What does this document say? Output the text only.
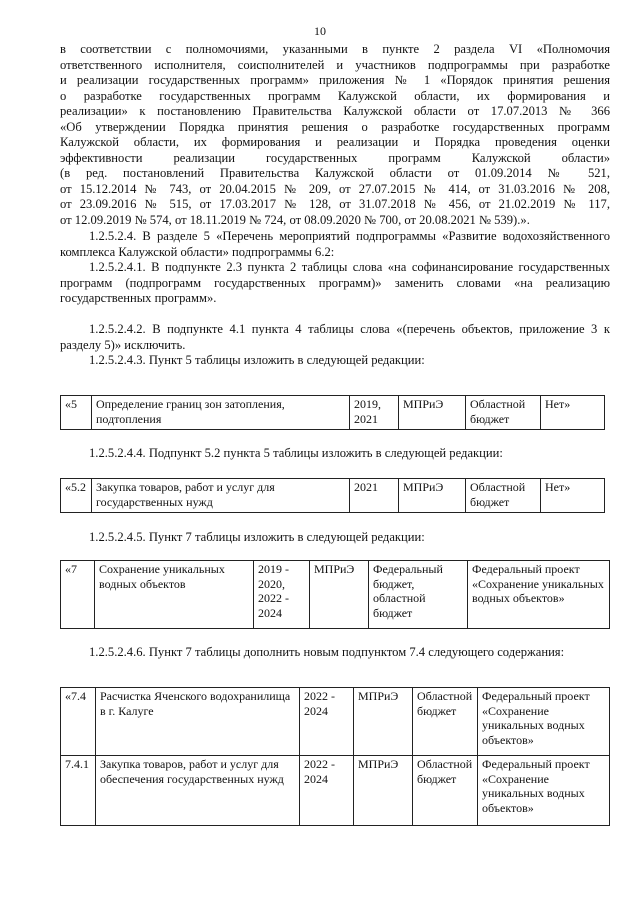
10
в соответствии с полномочиями, указанными в пункте 2 раздела VI «Полномочия
ответственного исполнителя, соисполнителей и участников подпрограммы при разработке
и реализации государственных программ» приложения № 1 «Порядок принятия решения
о разработке государственных программ Калужской области, их формирования и
реализации» к постановлению Правительства Калужской области от 17.07.2013 № 366
«Об утверждении Порядка принятия решения о разработке государственных программ
Калужской области, их формирования и реализации и Порядка проведения оценки
эффективности реализации государственных программ Калужской области»
(в ред. постановлений Правительства Калужской области от 01.09.2014 № 521,
от 15.12.2014 № 743, от 20.04.2015 № 209, от 27.07.2015 № 414, от 31.03.2016 № 208,
от 23.09.2016 № 515, от 17.03.2017 № 128, от 31.07.2018 № 456, от 21.02.2019 № 117,
от 12.09.2019 № 574, от 18.11.2019 № 724, от 08.09.2020 № 700, от 20.08.2021 № 539).».

1.2.5.2.4. В разделе 5 «Перечень мероприятий подпрограммы «Развитие водохозяйственного комплекса Калужской области» подпрограммы 6.2:

1.2.5.2.4.1. В подпункте 2.3 пункта 2 таблицы слова «на софинансирование государственных программ (подпрограмм государственных программ)» заменить словами «на реализацию государственных программ».

1.2.5.2.4.2. В подпункте 4.1 пункта 4 таблицы слова «(перечень объектов, приложение 3 к разделу 5)» исключить.

1.2.5.2.4.3. Пункт 5 таблицы изложить в следующей редакции:

«5	Определение границ зон затопления, подтопления	2019, 2021	МПРиЭ	Областной бюджет	Нет»

1.2.5.2.4.4. Подпункт 5.2 пункта 5 таблицы изложить в следующей редакции:

«5.2	Закупка товаров, работ и услуг для государственных нужд	2021	МПРиЭ	Областной бюджет	Нет»

1.2.5.2.4.5. Пункт 7 таблицы изложить в следующей редакции:

«7	Сохранение уникальных водных объектов	2019 - 2020, 2022 - 2024	МПРиЭ	Федеральный бюджет, областной бюджет	Федеральный проект «Сохранение уникальных водных объектов»

1.2.5.2.4.6. Пункт 7 таблицы дополнить новым подпунктом 7.4 следующего содержания:

«7.4	Расчистка Яченского водохранилища в г. Калуге	2022 - 2024	МПРиЭ	Областной бюджет	Федеральный проект «Сохранение уникальных водных объектов»
7.4.1	Закупка товаров, работ и услуг для обеспечения государственных нужд	2022 - 2024	МПРиЭ	Областной бюджет	Федеральный проект «Сохранение уникальных водных объектов»
